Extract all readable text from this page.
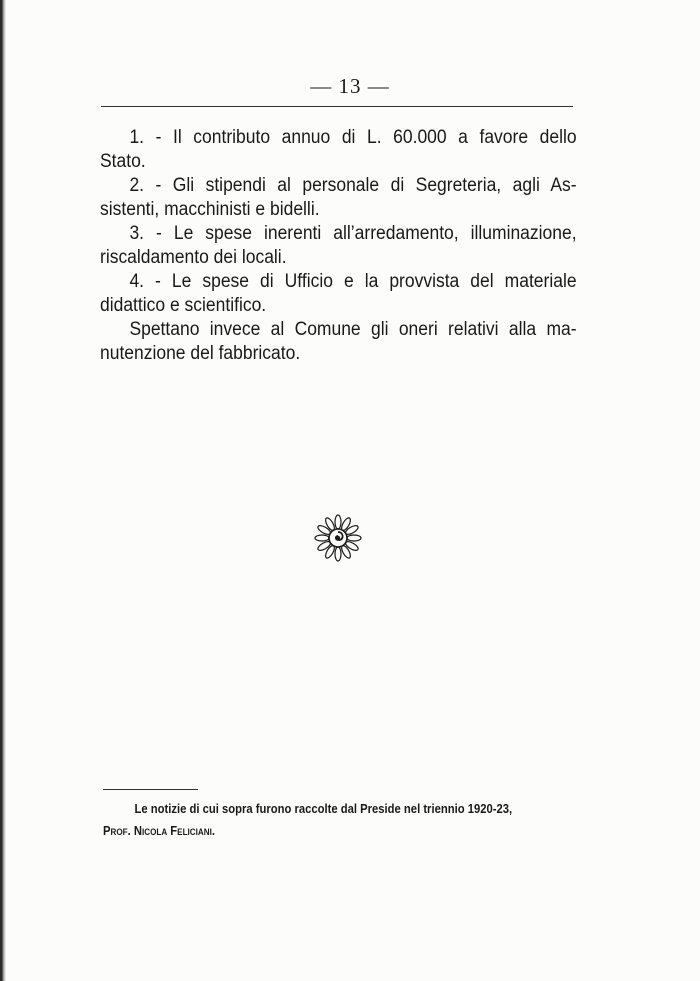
— 13 —

1. - Il contributo annuo di L. 60.000 a favore dello
Stato.

2. - Gli stipendi al personale di Segreteria, agli As-
sistenti, macchinisti e bidelli.

3. - Le spese inerenti all’arredamento, illuminazione,
riscaldamento dei locali.

4. - Le spese di Ufficio e la provvista del materiale
didattico e scientifico.

Spettano invece al Comune gli oneri relativi alla ma-
nutenzione del fabbricato.

Le notizie di cui sopra furono raccolte dal Preside nel triennio 1920-23,
Prof. Nicola Feliciani.
